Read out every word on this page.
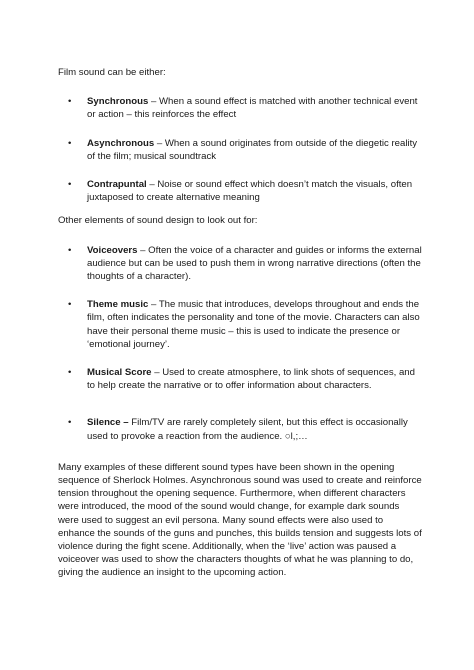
Film sound can be either:

• Synchronous – When a sound effect is matched with another technical event or action – this reinforces the effect
• Asynchronous – When a sound originates from outside of the diegetic reality of the film; musical soundtrack
• Contrapuntal – Noise or sound effect which doesn’t match the visuals, often juxtaposed to create alternative meaning

Other elements of sound design to look out for:

• Voiceovers – Often the voice of a character and guides or informs the external audience but can be used to push them in wrong narrative directions (often the thoughts of a character).
• Theme music – The music that introduces, develops throughout and ends the film, often indicates the personality and tone of the movie. Characters can also have their personal theme music – this is used to indicate the presence or ‘emotional journey’.
• Musical Score – Used to create atmosphere, to link shots of sequences, and to help create the narrative or to offer information about characters.
• Silence – Film/TV are rarely completely silent, but this effect is occasionally used to provoke a reaction from the audience. ○l,;…

Many examples of these different sound types have been shown in the opening sequence of Sherlock Holmes. Asynchronous sound was used to create and reinforce tension throughout the opening sequence. Furthermore, when different characters were introduced, the mood of the sound would change, for example dark sounds were used to suggest an evil persona. Many sound effects were also used to enhance the sounds of the guns and punches, this builds tension and suggests lots of violence during the fight scene. Additionally, when the ‘live’ action was paused a voiceover was used to show the characters thoughts of what he was planning to do, giving the audience an insight to the upcoming action.
